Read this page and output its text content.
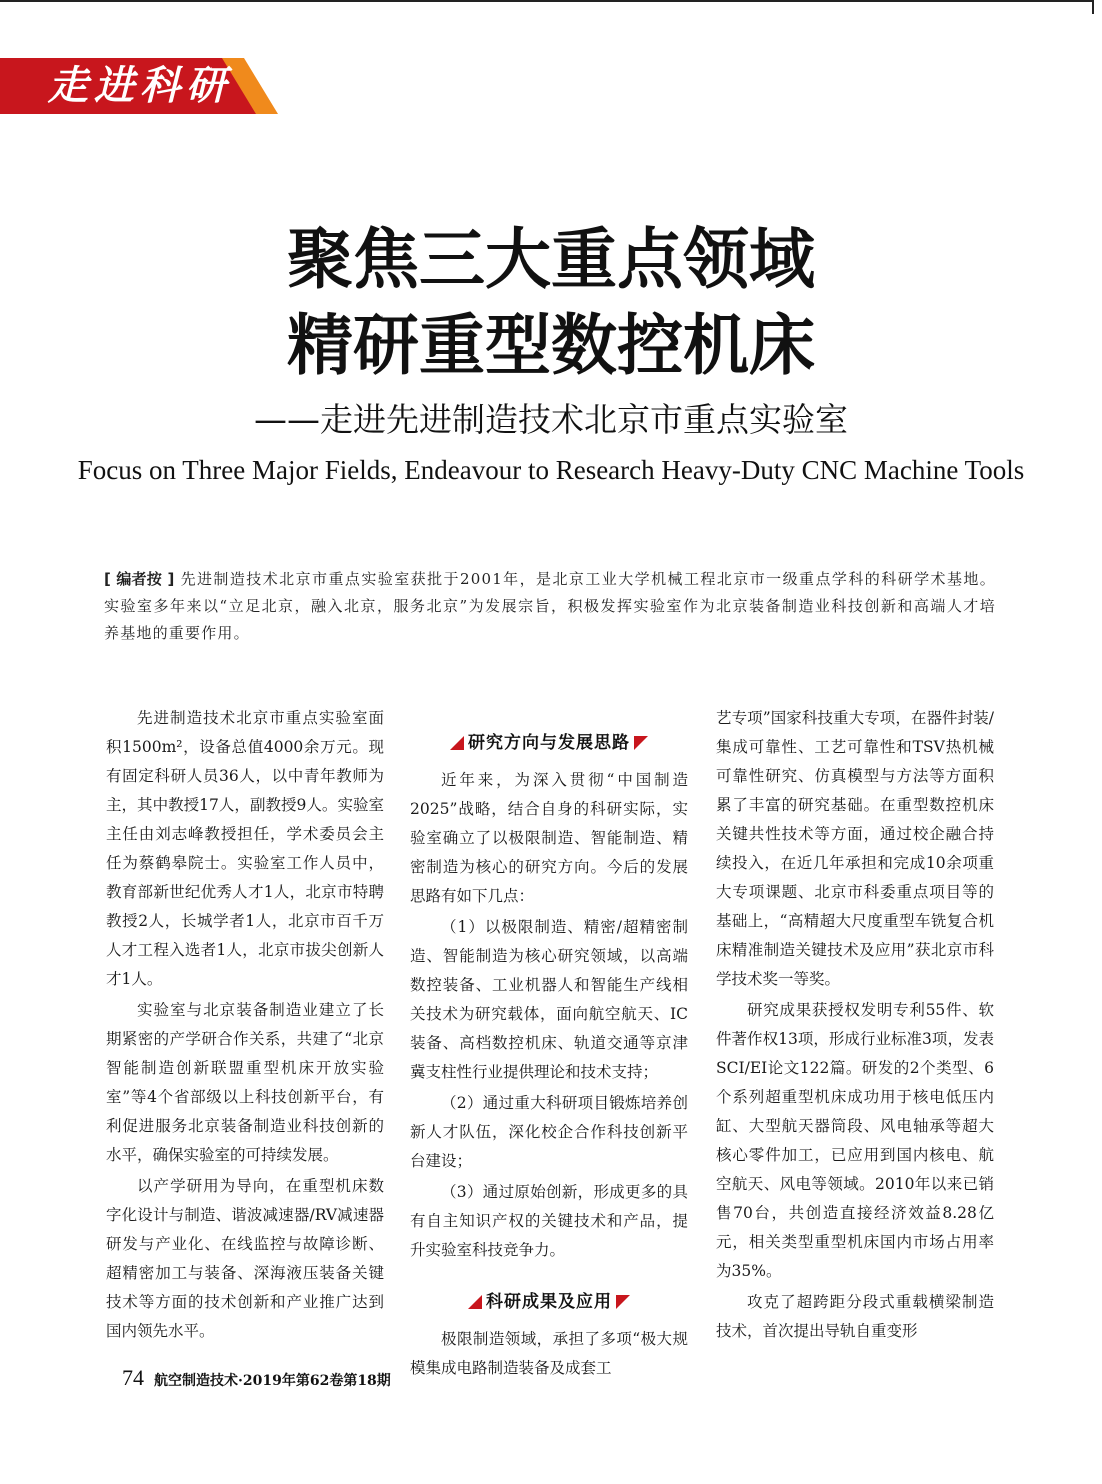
走进科研
聚焦三大重点领域
精研重型数控机床
——走进先进制造技术北京市重点实验室
Focus on Three Major Fields, Endeavour to Research Heavy-Duty CNC Machine Tools
[ 编者按 ] 先进制造技术北京市重点实验室获批于2001年，是北京工业大学机械工程北京市一级重点学科的科研学术基地。实验室多年来以“立足北京，融入北京，服务北京”为发展宗旨，积极发挥实验室作为北京装备制造业科技创新和高端人才培养基地的重要作用。

先进制造技术北京市重点实验室面积1500m²，设备总值4000余万元。现有固定科研人员36人，以中青年教师为主，其中教授17人，副教授9人。实验室主任由刘志峰教授担任，学术委员会主任为蔡鹤皋院士。实验室工作人员中，教育部新世纪优秀人才1人，北京市特聘教授2人，长城学者1人，北京市百千万人才工程入选者1人，北京市拔尖创新人才1人。

实验室与北京装备制造业建立了长期紧密的产学研合作关系，共建了“北京智能制造创新联盟重型机床开放实验室”等4个省部级以上科技创新平台，有利促进服务北京装备制造业科技创新的水平，确保实验室的可持续发展。

以产学研用为导向，在重型机床数字化设计与制造、谐波减速器/RV减速器研发与产业化、在线监控与故障诊断、超精密加工与装备、深海液压装备关键技术等方面的技术创新和产业推广达到国内领先水平。

研究方向与发展思路

近年来，为深入贯彻“中国制造2025”战略，结合自身的科研实际，实验室确立了以极限制造、智能制造、精密制造为核心的研究方向。今后的发展思路有如下几点：

（1）以极限制造、精密/超精密制造、智能制造为核心研究领域，以高端数控装备、工业机器人和智能生产线相关技术为研究载体，面向航空航天、IC装备、高档数控机床、轨道交通等京津冀支柱性行业提供理论和技术支持；

（2）通过重大科研项目锻炼培养创新人才队伍，深化校企合作科技创新平台建设；

（3）通过原始创新，形成更多的具有自主知识产权的关键技术和产品，提升实验室科技竞争力。

科研成果及应用

极限制造领域，承担了多项“极大规模集成电路制造装备及成套工

艺专项”国家科技重大专项，在器件封装/集成可靠性、工艺可靠性和TSV热机械可靠性研究、仿真模型与方法等方面积累了丰富的研究基础。在重型数控机床关键共性技术等方面，通过校企融合持续投入，在近几年承担和完成10余项重大专项课题、北京市科委重点项目等的基础上，“高精超大尺度重型车铣复合机床精准制造关键技术及应用”获北京市科学技术奖一等奖。

研究成果获授权发明专利55件、软件著作权13项，形成行业标准3项，发表SCI/EI论文122篇。研发的2个类型、6个系列超重型机床成功用于核电低压内缸、大型航天器筒段、风电轴承等超大核心零件加工，已应用到国内核电、航空航天、风电等领域。2010年以来已销售70台，共创造直接经济效益8.28亿元，相关类型重型机床国内市场占用率为35%。

攻克了超跨距分段式重载横梁制造技术，首次提出导轨自重变形

74 航空制造技术·2019年第62卷第18期
